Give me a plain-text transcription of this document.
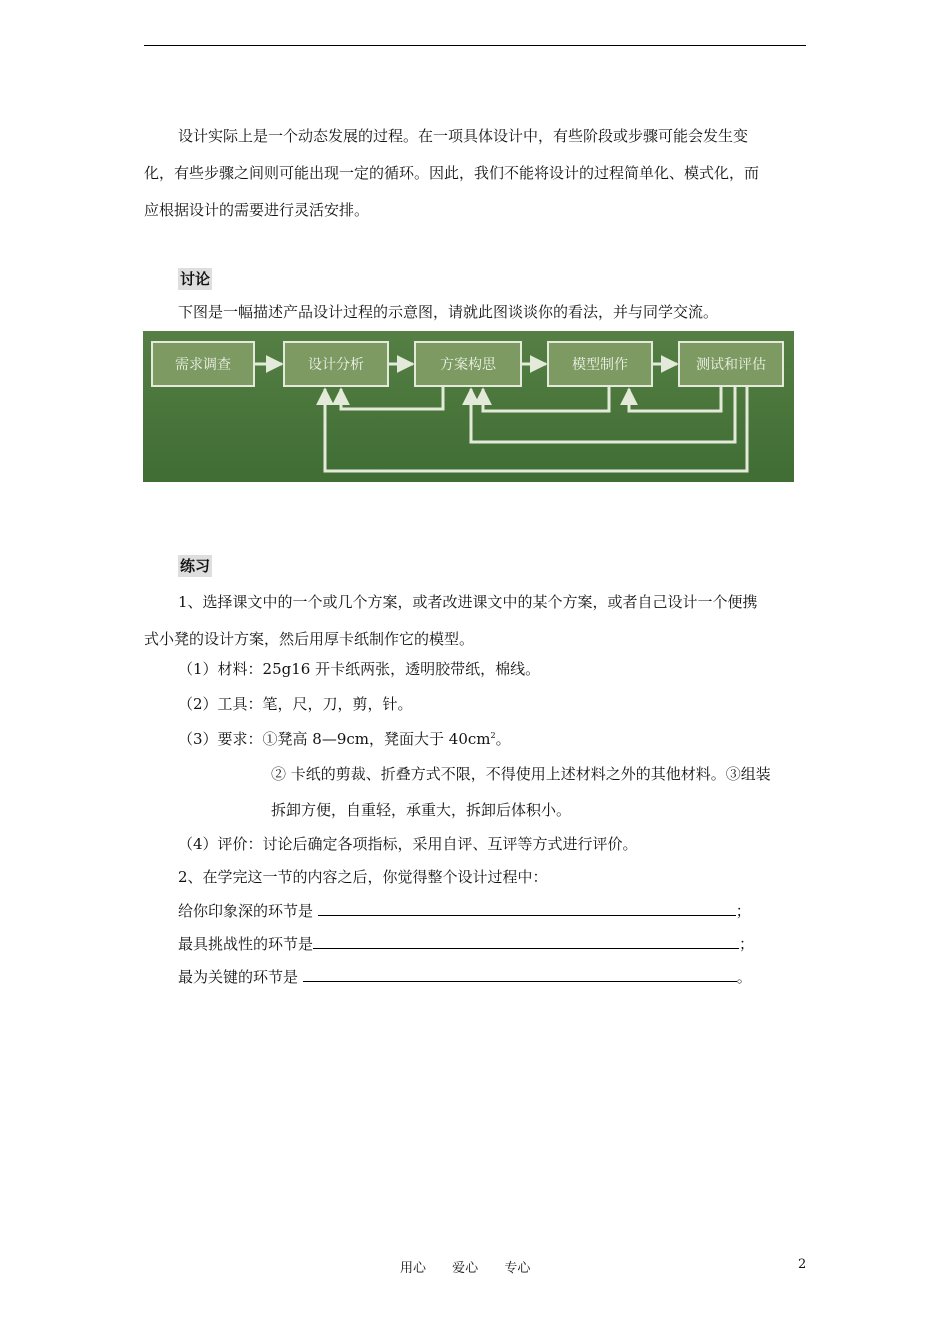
设计实际上是一个动态发展的过程。在一项具体设计中，有些阶段或步骤可能会发生变
化，有些步骤之间则可能出现一定的循环。因此，我们不能将设计的过程简单化、模式化，而
应根据设计的需要进行灵活安排。

讨论
下图是一幅描述产品设计过程的示意图，请就此图谈谈你的看法，并与同学交流。
需求调查	设计分析	方案构思	模型制作	测试和评估
练习

1、选择课文中的一个或几个方案，或者改进课文中的某个方案，或者自己设计一个便携
式小凳的设计方案，然后用厚卡纸制作它的模型。

（1）材料：25g16 开卡纸两张，透明胶带纸，棉线。
（2）工具：笔，尺，刀，剪，针。
（3）要求：①凳高 8—9cm，凳面大于 $40cm^2$。
② 卡纸的剪裁、折叠方式不限，不得使用上述材料之外的其他材料。③组装
拆卸方便，自重轻，承重大，拆卸后体积小。
（4）评价：讨论后确定各项指标，采用自评、互评等方式进行评价。
2、在学完这一节的内容之后，你觉得整个设计过程中：
给你印象深的环节是	；
最具挑战性的环节是	；
最为关键的环节是	。
用心 爱心 专心	2
